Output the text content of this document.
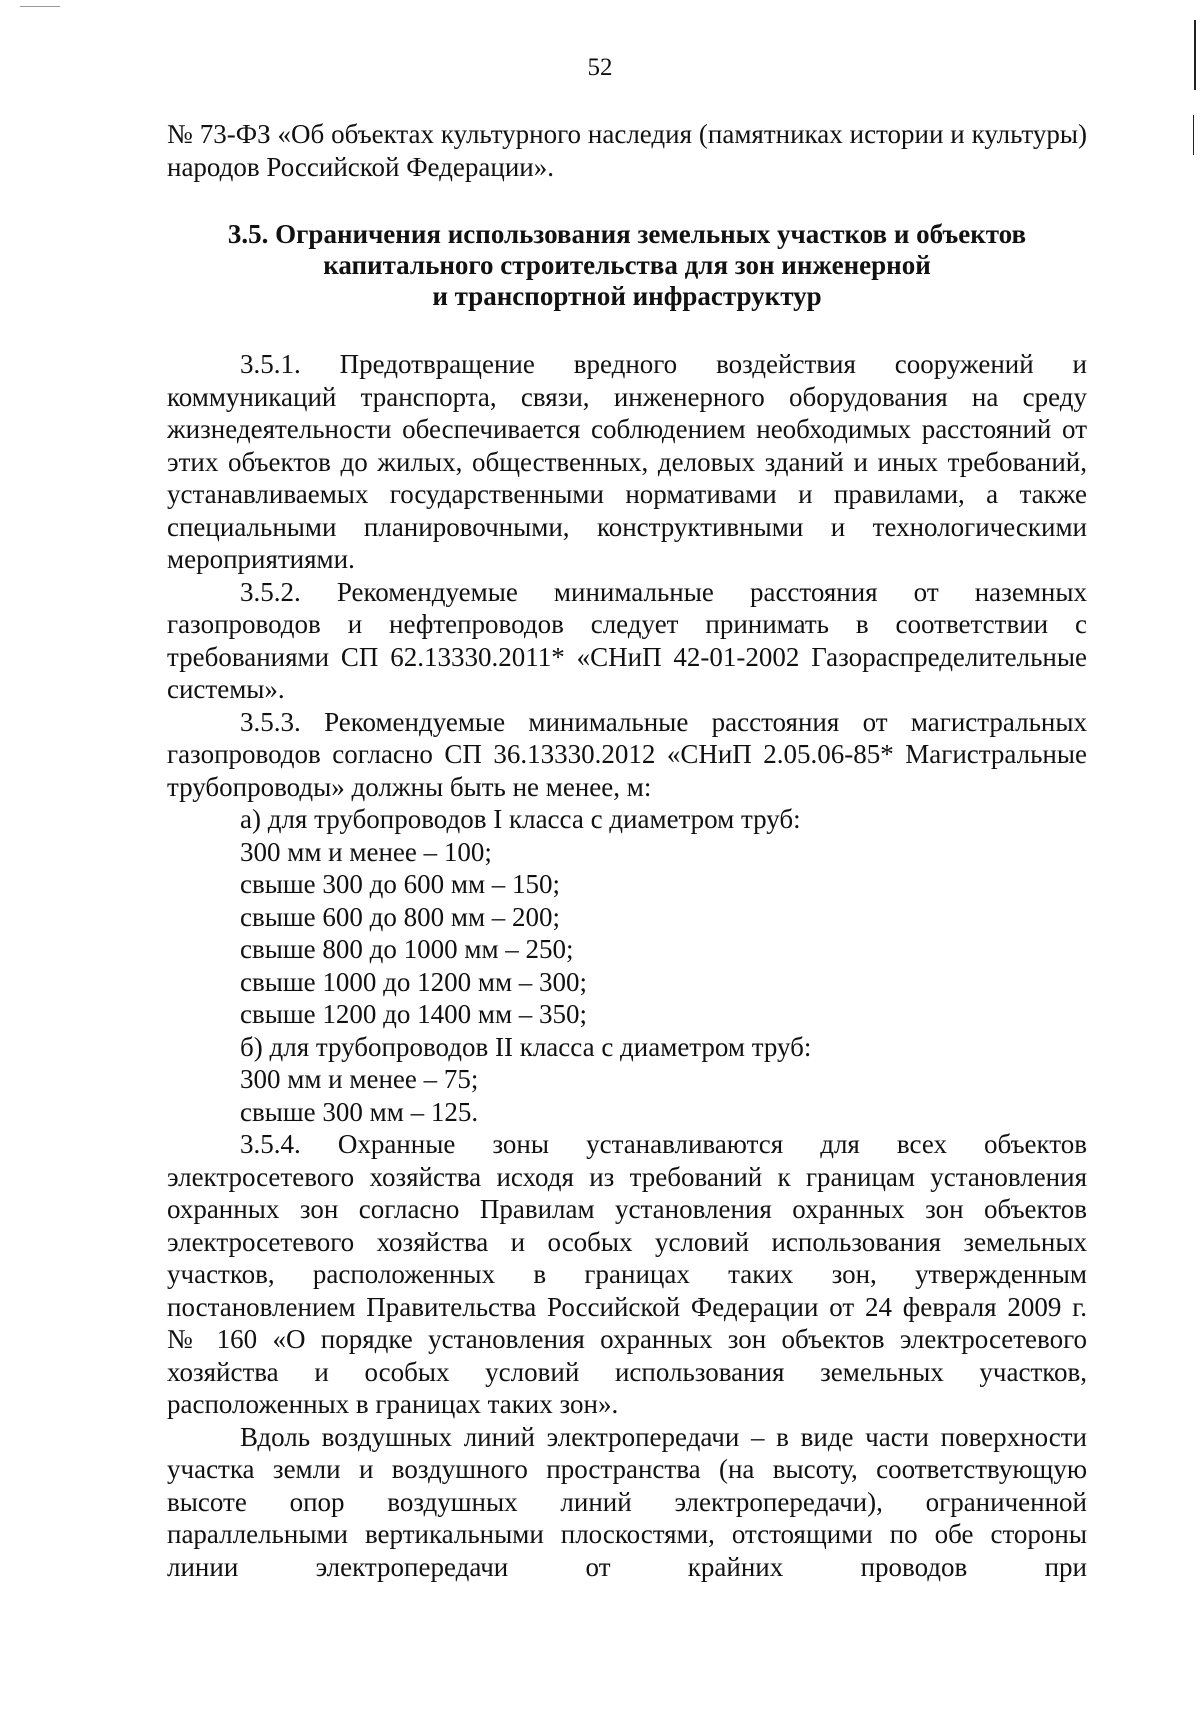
52

№ 73-ФЗ «Об объектах культурного наследия (памятниках истории и культуры) народов Российской Федерации».

3.5. Ограничения использования земельных участков и объектов
капитального строительства для зон инженерной
и транспортной инфраструктур

3.5.1. Предотвращение вредного воздействия сооружений и коммуникаций транспорта, связи, инженерного оборудования на среду жизнедеятельности обеспечивается соблюдением необходимых расстояний от этих объектов до жилых, общественных, деловых зданий и иных требований, устанавливаемых государственными нормативами и правилами, а также специальными планировочными, конструктивными и технологическими мероприятиями.

3.5.2. Рекомендуемые минимальные расстояния от наземных газопроводов и нефтепроводов следует принимать в соответствии с требованиями СП 62.13330.2011* «СНиП 42-01-2002 Газораспределительные системы».

3.5.3. Рекомендуемые минимальные расстояния от магистральных газопроводов согласно СП 36.13330.2012 «СНиП 2.05.06-85* Магистральные трубопроводы» должны быть не менее, м:

а) для трубопроводов I класса с диаметром труб:

300 мм и менее – 100;

свыше 300 до 600 мм – 150;

свыше 600 до 800 мм – 200;

свыше 800 до 1000 мм – 250;

свыше 1000 до 1200 мм – 300;

свыше 1200 до 1400 мм – 350;

б) для трубопроводов II класса с диаметром труб:

300 мм и менее – 75;

свыше 300 мм – 125.

3.5.4. Охранные зоны устанавливаются для всех объектов электросетевого хозяйства исходя из требований к границам установления охранных зон согласно Правилам установления охранных зон объектов электросетевого хозяйства и особых условий использования земельных участков, расположенных в границах таких зон, утвержденным постановлением Правительства Российской Федерации от 24 февраля 2009 г. № 160 «О порядке установления охранных зон объектов электросетевого хозяйства и особых условий использования земельных участков, расположенных в границах таких зон».

Вдоль воздушных линий электропередачи – в виде части поверхности участка земли и воздушного пространства (на высоту, соответствующую высоте опор воздушных линий электропередачи), ограниченной параллельными вертикальными плоскостями, отстоящими по обе стороны линии электропередачи от крайних проводов при
